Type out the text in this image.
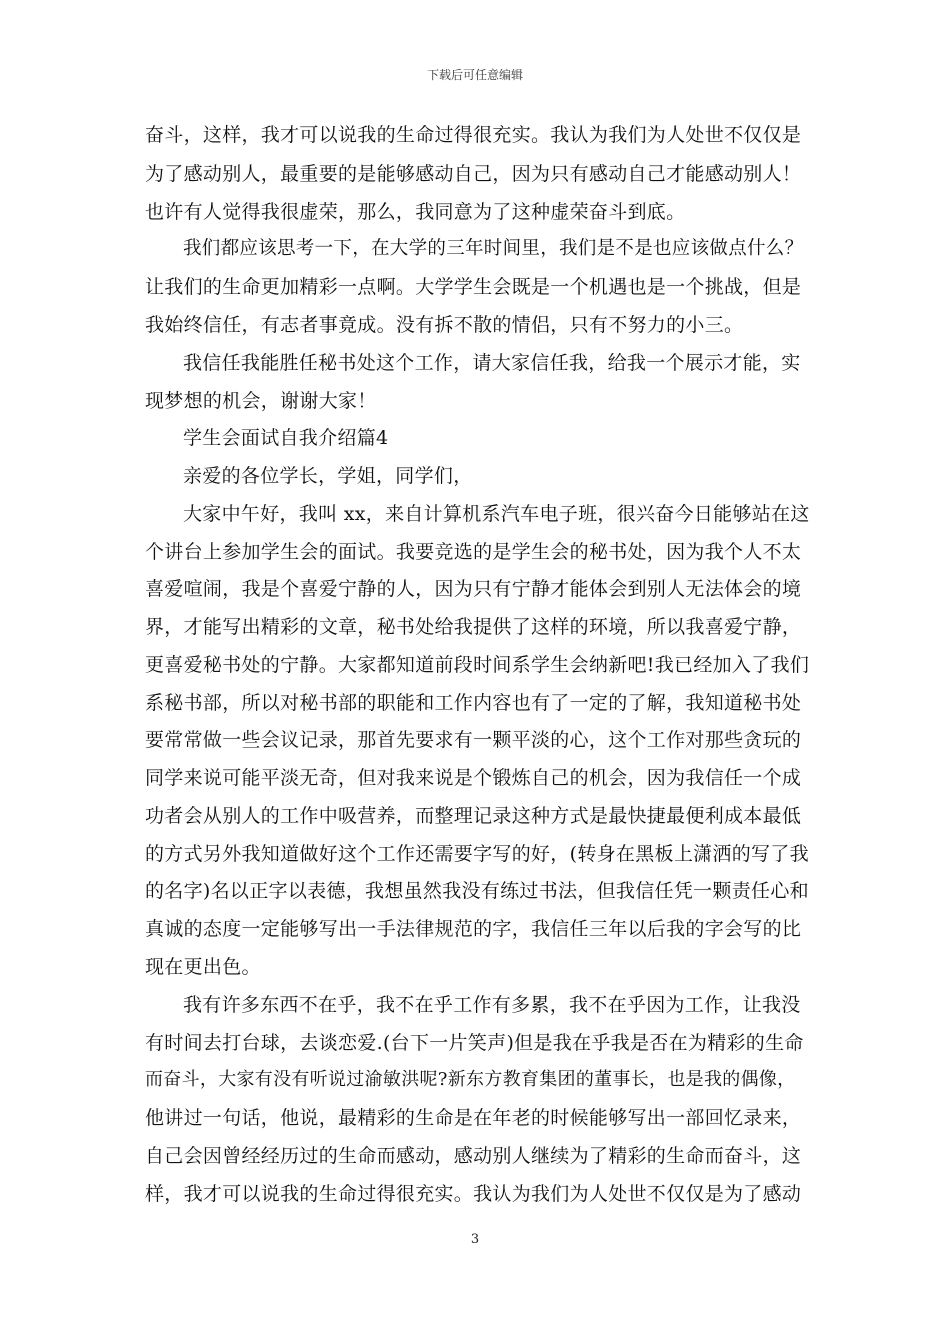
下载后可任意编辑
奋斗，这样，我才可以说我的生命过得很充实。我认为我们为人处世不仅仅是
为了感动别人，最重要的是能够感动自己，因为只有感动自己才能感动别人！
也许有人觉得我很虚荣，那么，我同意为了这种虚荣奋斗到底。
我们都应该思考一下，在大学的三年时间里，我们是不是也应该做点什么？
让我们的生命更加精彩一点啊。大学学生会既是一个机遇也是一个挑战，但是
我始终信任，有志者事竟成。没有拆不散的情侣，只有不努力的小三。
我信任我能胜任秘书处这个工作，请大家信任我，给我一个展示才能，实
现梦想的机会，谢谢大家！
学生会面试自我介绍篇4
亲爱的各位学长，学姐，同学们，
大家中午好，我叫 xx，来自计算机系汽车电子班，很兴奋今日能够站在这
个讲台上参加学生会的面试。我要竞选的是学生会的秘书处，因为我个人不太
喜爱喧闹，我是个喜爱宁静的人，因为只有宁静才能体会到别人无法体会的境
界，才能写出精彩的文章，秘书处给我提供了这样的环境，所以我喜爱宁静，
更喜爱秘书处的宁静。大家都知道前段时间系学生会纳新吧!我已经加入了我们
系秘书部，所以对秘书部的职能和工作内容也有了一定的了解，我知道秘书处
要常常做一些会议记录，那首先要求有一颗平淡的心，这个工作对那些贪玩的
同学来说可能平淡无奇，但对我来说是个锻炼自己的机会，因为我信任一个成
功者会从别人的工作中吸营养，而整理记录这种方式是最快捷最便利成本最低
的方式另外我知道做好这个工作还需要字写的好，(转身在黑板上潇洒的写了我
的名字)名以正字以表德，我想虽然我没有练过书法，但我信任凭一颗责任心和
真诚的态度一定能够写出一手法律规范的字，我信任三年以后我的字会写的比
现在更出色。
我有许多东西不在乎，我不在乎工作有多累，我不在乎因为工作，让我没
有时间去打台球，去谈恋爱.(台下一片笑声)但是我在乎我是否在为精彩的生命
而奋斗，大家有没有听说过渝敏洪呢?新东方教育集团的董事长，也是我的偶像，
他讲过一句话，他说，最精彩的生命是在年老的时候能够写出一部回忆录来，
自己会因曾经经历过的生命而感动，感动别人继续为了精彩的生命而奋斗，这
样，我才可以说我的生命过得很充实。我认为我们为人处世不仅仅是为了感动
3
